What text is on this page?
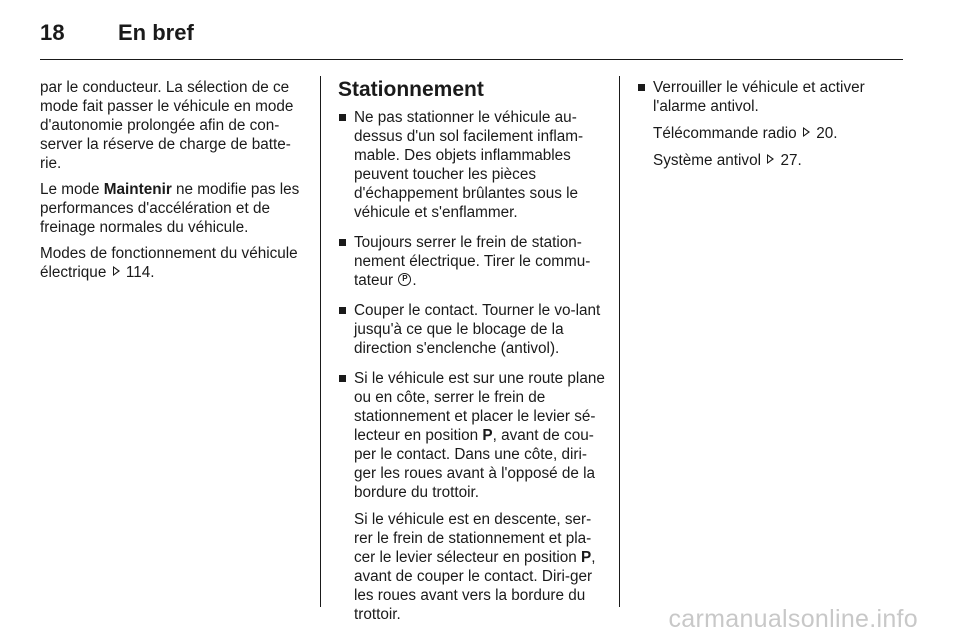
18 En bref

par le conducteur. La sélection de ce mode fait passer le véhicule en mode d'autonomie prolongée afin de con-server la réserve de charge de batte-rie.

Le mode Maintenir ne modifie pas les performances d'accélération et de freinage normales du véhicule.

Modes de fonctionnement du véhicule électrique 114.

Stationnement
Ne pas stationner le véhicule au-dessus d'un sol facilement inflam-mable. Des objets inflammables peuvent toucher les pièces d'échappement brûlantes sous le véhicule et s'enflammer.
Toujours serrer le frein de station-nement électrique. Tirer le commu-tateur P .
Couper le contact. Tourner le vo-lant jusqu'à ce que le blocage de la direction s'enclenche (antivol).

Si le véhicule est sur une route plane ou en côte, serrer le frein de stationnement et placer le levier sé-lecteur en position P, avant de cou-per le contact. Dans une côte, diri-ger les roues avant à l'opposé de la bordure du trottoir.

Si le véhicule est en descente, ser-rer le frein de stationnement et pla-cer le levier sélecteur en position P, avant de couper le contact. Diri-ger les roues avant vers la bordure du trottoir.

Verrouiller le véhicule et activer l'alarme antivol.

Télécommande radio 20.

Système antivol 27.

carmanualsonline.info
